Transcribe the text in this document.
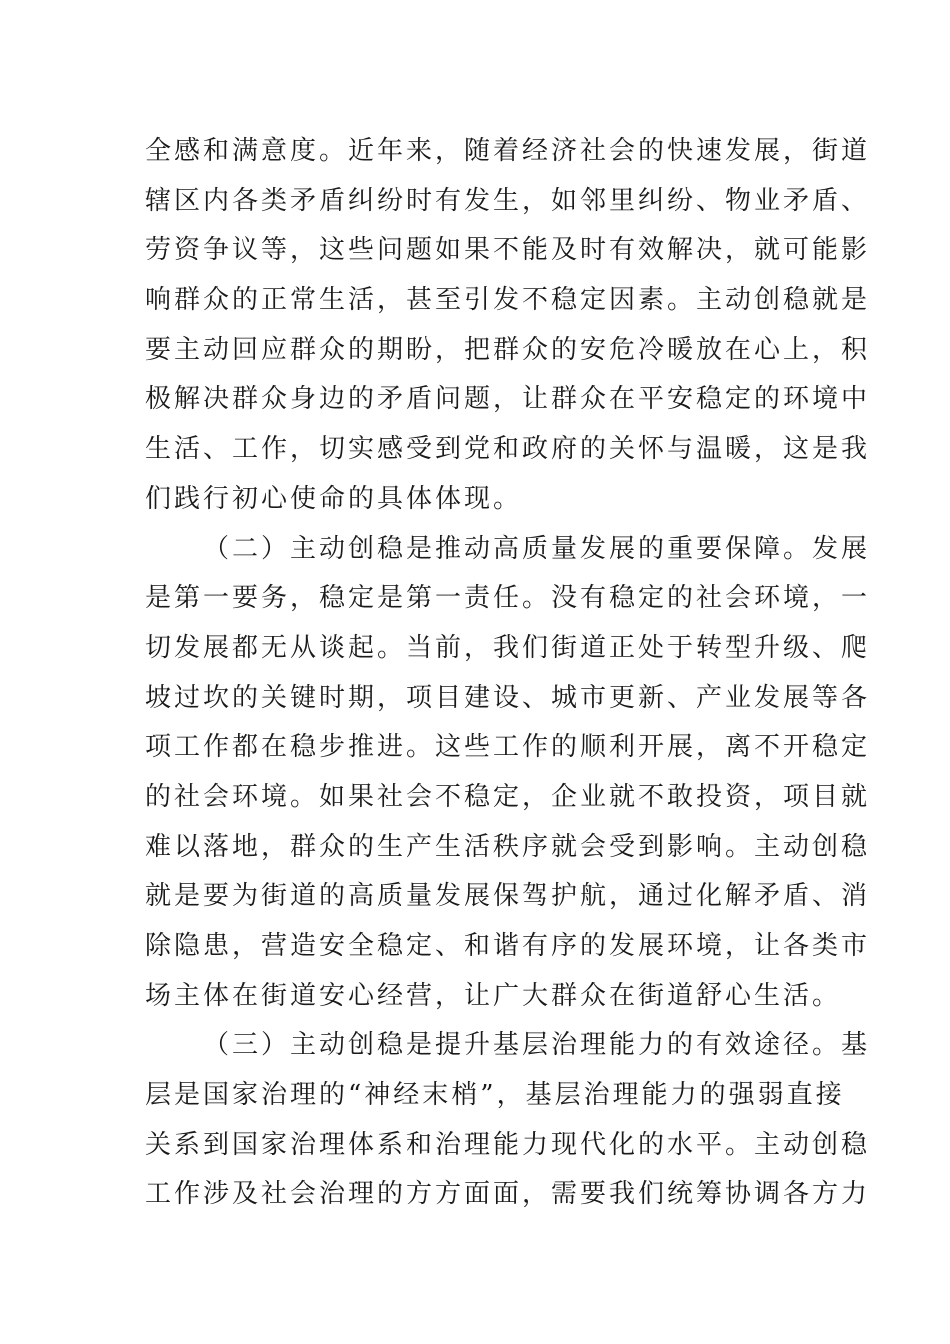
全感和满意度。近年来，随着经济社会的快速发展，街道
辖区内各类矛盾纠纷时有发生，如邻里纠纷、物业矛盾、
劳资争议等，这些问题如果不能及时有效解决，就可能影
响群众的正常生活，甚至引发不稳定因素。主动创稳就是
要主动回应群众的期盼，把群众的安危冷暖放在心上，积
极解决群众身边的矛盾问题，让群众在平安稳定的环境中
生活、工作，切实感受到党和政府的关怀与温暖，这是我
们践行初心使命的具体体现。
（二）主动创稳是推动高质量发展的重要保障。发展
是第一要务，稳定是第一责任。没有稳定的社会环境，一
切发展都无从谈起。当前，我们街道正处于转型升级、爬
坡过坎的关键时期，项目建设、城市更新、产业发展等各
项工作都在稳步推进。这些工作的顺利开展，离不开稳定
的社会环境。如果社会不稳定，企业就不敢投资，项目就
难以落地，群众的生产生活秩序就会受到影响。主动创稳
就是要为街道的高质量发展保驾护航，通过化解矛盾、消
除隐患，营造安全稳定、和谐有序的发展环境，让各类市
场主体在街道安心经营，让广大群众在街道舒心生活。
（三）主动创稳是提升基层治理能力的有效途径。基
层是国家治理的“神经末梢”，基层治理能力的强弱直接
关系到国家治理体系和治理能力现代化的水平。主动创稳
工作涉及社会治理的方方面面，需要我们统筹协调各方力
